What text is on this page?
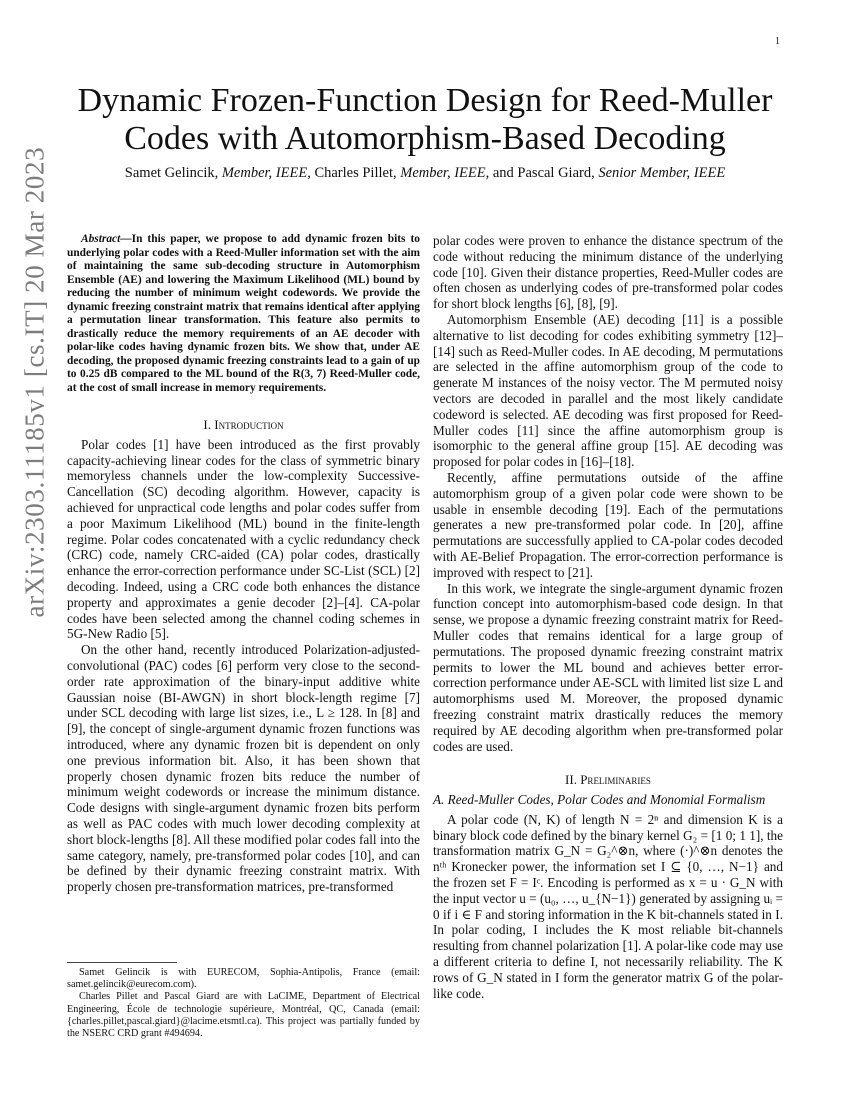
1
arXiv:2303.11185v1 [cs.IT] 20 Mar 2023
Dynamic Frozen-Function Design for Reed-Muller Codes with Automorphism-Based Decoding
Samet Gelincik, Member, IEEE, Charles Pillet, Member, IEEE, and Pascal Giard, Senior Member, IEEE

Abstract—In this paper, we propose to add dynamic frozen bits to underlying polar codes with a Reed-Muller information set with the aim of maintaining the same sub-decoding structure in Automorphism Ensemble (AE) and lowering the Maximum Likelihood (ML) bound by reducing the number of minimum weight codewords. We provide the dynamic freezing constraint matrix that remains identical after applying a permutation linear transformation. This feature also permits to drastically reduce the memory requirements of an AE decoder with polar-like codes having dynamic frozen bits. We show that, under AE decoding, the proposed dynamic freezing constraints lead to a gain of up to 0.25 dB compared to the ML bound of the R(3, 7) Reed-Muller code, at the cost of small increase in memory requirements.

I. Introduction

Polar codes [1] have been introduced as the first provably capacity-achieving linear codes for the class of symmetric binary memoryless channels under the low-complexity Successive-Cancellation (SC) decoding algorithm. However, capacity is achieved for unpractical code lengths and polar codes suffer from a poor Maximum Likelihood (ML) bound in the finite-length regime. Polar codes concatenated with a cyclic redundancy check (CRC) code, namely CRC-aided (CA) polar codes, drastically enhance the error-correction performance under SC-List (SCL) [2] decoding. Indeed, using a CRC code both enhances the distance property and approximates a genie decoder [2]–[4]. CA-polar codes have been selected among the channel coding schemes in 5G-New Radio [5].

On the other hand, recently introduced Polarization-adjusted-convolutional (PAC) codes [6] perform very close to the second-order rate approximation of the binary-input additive white Gaussian noise (BI-AWGN) in short block-length regime [7] under SCL decoding with large list sizes, i.e., L ≥ 128. In [8] and [9], the concept of single-argument dynamic frozen functions was introduced, where any dynamic frozen bit is dependent on only one previous information bit. Also, it has been shown that properly chosen dynamic frozen bits reduce the number of minimum weight codewords or increase the minimum distance. Code designs with single-argument dynamic frozen bits perform as well as PAC codes with much lower decoding complexity at short block-lengths [8]. All these modified polar codes fall into the same category, namely, pre-transformed polar codes [10], and can be defined by their dynamic freezing constraint matrix. With properly chosen pre-transformation matrices, pre-transformed

polar codes were proven to enhance the distance spectrum of the code without reducing the minimum distance of the underlying code [10]. Given their distance properties, Reed-Muller codes are often chosen as underlying codes of pre-transformed polar codes for short block lengths [6], [8], [9].

Automorphism Ensemble (AE) decoding [11] is a possible alternative to list decoding for codes exhibiting symmetry [12]–[14] such as Reed-Muller codes. In AE decoding, M permutations are selected in the affine automorphism group of the code to generate M instances of the noisy vector. The M permuted noisy vectors are decoded in parallel and the most likely candidate codeword is selected. AE decoding was first proposed for Reed-Muller codes [11] since the affine automorphism group is isomorphic to the general affine group [15]. AE decoding was proposed for polar codes in [16]–[18].

Recently, affine permutations outside of the affine automorphism group of a given polar code were shown to be usable in ensemble decoding [19]. Each of the permutations generates a new pre-transformed polar code. In [20], affine permutations are successfully applied to CA-polar codes decoded with AE-Belief Propagation. The error-correction performance is improved with respect to [21].

In this work, we integrate the single-argument dynamic frozen function concept into automorphism-based code design. In that sense, we propose a dynamic freezing constraint matrix for Reed-Muller codes that remains identical for a large group of permutations. The proposed dynamic freezing constraint matrix permits to lower the ML bound and achieves better error-correction performance under AE-SCL with limited list size L and automorphisms used M. Moreover, the proposed dynamic freezing constraint matrix drastically reduces the memory required by AE decoding algorithm when pre-transformed polar codes are used.

II. Preliminaries
A. Reed-Muller Codes, Polar Codes and Monomial Formalism

A polar code (N, K) of length N = 2ⁿ and dimension K is a binary block code defined by the binary kernel G₂ = [1 0; 1 1], the transformation matrix G_N = G₂^⊗n, where (·)^⊗n denotes the nᵗʰ Kronecker power, the information set I ⊆ {0, …, N−1} and the frozen set F = Iᶜ. Encoding is performed as x = u · G_N with the input vector u = (u₀, …, u_{N−1}) generated by assigning uᵢ = 0 if i ∈ F and storing information in the K bit-channels stated in I. In polar coding, I includes the K most reliable bit-channels resulting from channel polarization [1]. A polar-like code may use a different criteria to define I, not necessarily reliability. The K rows of G_N stated in I form the generator matrix G of the polar-like code.

Samet Gelincik is with EURECOM, Sophia-Antipolis, France (email: samet.gelincik@eurecom.com).

Charles Pillet and Pascal Giard are with LaCIME, Department of Electrical Engineering, École de technologie supérieure, Montréal, QC, Canada (email: {charles.pillet,pascal.giard}@lacime.etsmtl.ca). This project was partially funded by the NSERC CRD grant #494694.
